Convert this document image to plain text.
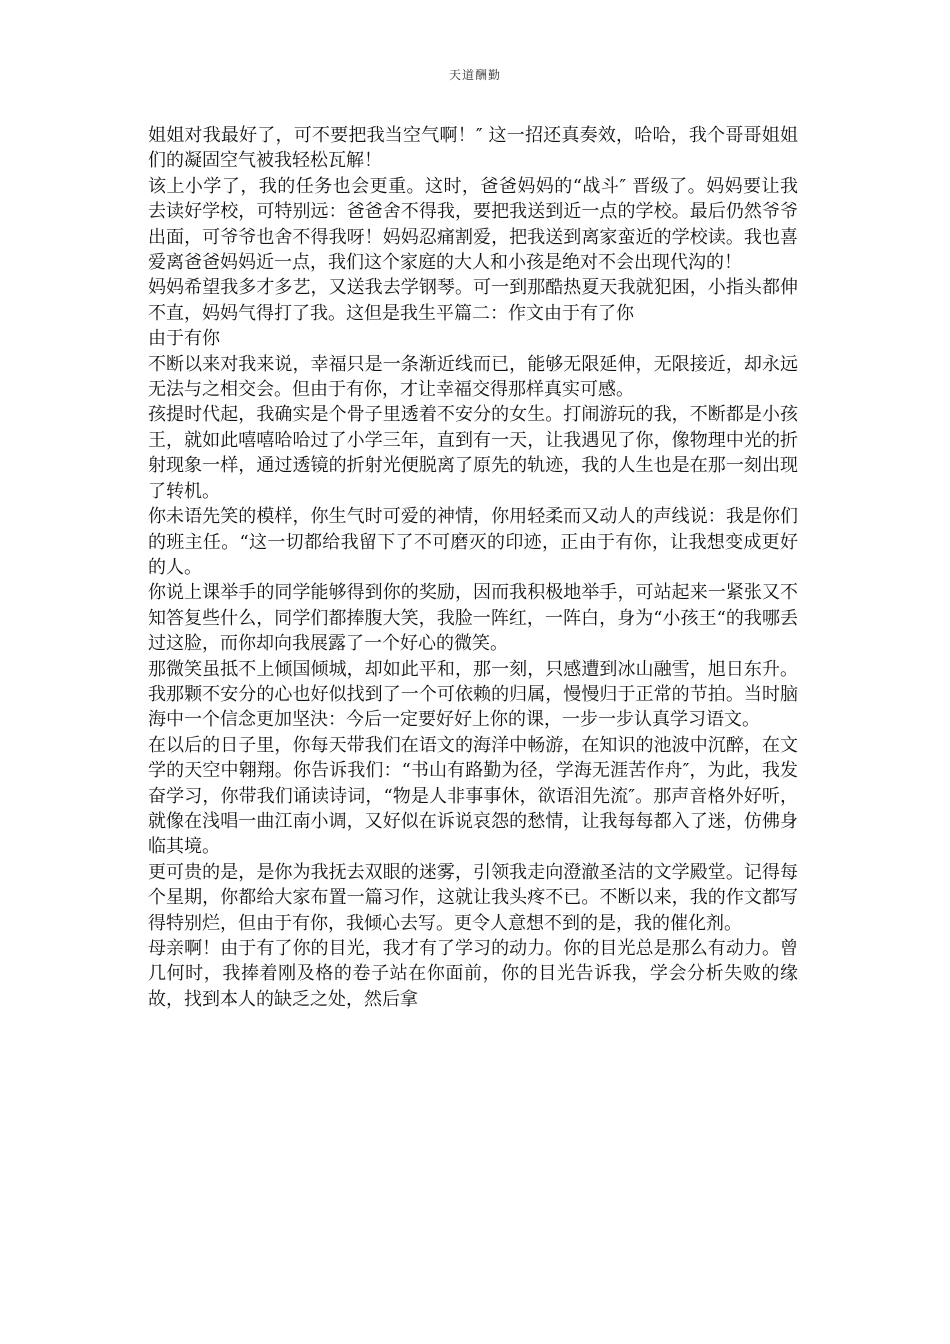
天道酬勤

姐姐对我最好了，可不要把我当空气啊！″ 这一招还真奏效，哈哈，我个哥哥姐姐们的凝固空气被我轻松瓦解！

该上小学了，我的任务也会更重。这时，爸爸妈妈的“战斗″ 晋级了。妈妈要让我去读好学校，可特别远：爸爸舍不得我，要把我送到近一点的学校。最后仍然爷爷出面，可爷爷也舍不得我呀！妈妈忍痛割爱，把我送到离家蛮近的学校读。我也喜爱离爸爸妈妈近一点，我们这个家庭的大人和小孩是绝对不会出现代沟的！

妈妈希望我多才多艺，又送我去学钢琴。可一到那酷热夏天我就犯困，小指头都伸不直，妈妈气得打了我。这但是我生平篇二：作文由于有了你

由于有你

不断以来对我来说，幸福只是一条渐近线而已，能够无限延伸，无限接近，却永远无法与之相交会。但由于有你，才让幸福交得那样真实可感。

孩提时代起，我确实是个骨子里透着不安分的女生。打闹游玩的我，不断都是小孩王，就如此嘻嘻哈哈过了小学三年，直到有一天，让我遇见了你，像物理中光的折射现象一样，通过透镜的折射光便脱离了原先的轨迹，我的人生也是在那一刻出现了转机。

你未语先笑的模样，你生气时可爱的神情，你用轻柔而又动人的声线说：我是你们的班主任。“这一切都给我留下了不可磨灭的印迹，正由于有你，让我想变成更好的人。

你说上课举手的同学能够得到你的奖励，因而我积极地举手，可站起来一紧张又不知答复些什么，同学们都捧腹大笑，我脸一阵红，一阵白，身为“小孩王“的我哪丢过这脸，而你却向我展露了一个好心的微笑。

那微笑虽抵不上倾国倾城，却如此平和，那一刻，只感遭到冰山融雪，旭日东升。我那颗不安分的心也好似找到了一个可依赖的归属，慢慢归于正常的节拍。当时脑海中一个信念更加坚決：今后一定要好好上你的课，一步一步认真学习语文。

在以后的日子里，你每天带我们在语文的海洋中畅游，在知识的池波中沉醉，在文学的天空中翱翔。你告诉我们：“书山有路勤为径，学海无涯苦作舟″，为此，我发奋学习，你带我们诵读诗词，“物是人非事事休，欲语泪先流″。那声音格外好听，就像在浅唱一曲江南小调，又好似在诉说哀怨的愁情，让我每每都入了迷，仿佛身临其境。

更可贵的是，是你为我抚去双眼的迷雾，引领我走向澄澈圣洁的文学殿堂。记得每个星期，你都给大家布置一篇习作，这就让我头疼不已。不断以来，我的作文都写得特别烂，但由于有你，我倾心去写。更令人意想不到的是，我的催化剂。

母亲啊！由于有了你的目光，我才有了学习的动力。你的目光总是那么有动力。曾几何时，我捧着刚及格的卷子站在你面前，你的目光告诉我，学会分析失败的缘故，找到本人的缺乏之处，然后拿
